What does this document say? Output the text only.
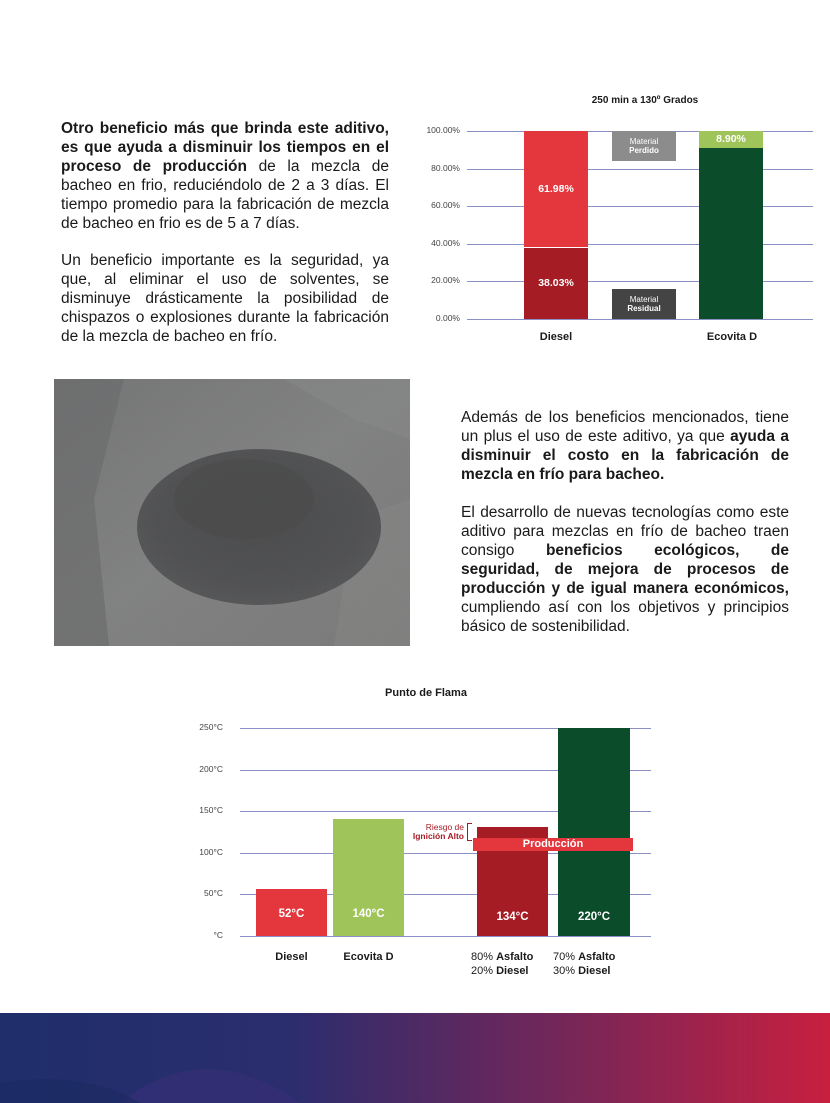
Otro beneficio más que brinda este aditivo, es que ayuda a disminuir los tiempos en el proceso de producción de la mezcla de bacheo en frio, reduciéndolo de 2 a 3 días. El tiempo promedio para la fabricación de mezcla de bacheo en frio es de 5 a 7 días.

Un beneficio importante es la seguridad, ya que, al eliminar el uso de solventes, se disminuye drásticamente la posibilidad de chispazos o explosiones durante la fabricación de la mezcla de bacheo en frío.

Además de los beneficios mencionados, tiene un plus el uso de este aditivo, ya que ayuda a disminuir el costo en la fabricación de mezcla en frío para bacheo.

El desarrollo de nuevas tecnologías como este aditivo para mezclas en frío de bacheo traen consigo beneficios ecológicos, de seguridad, de mejora de procesos de producción y de igual manera económicos, cumpliendo así con los objetivos y principios básico de sostenibilidad.

250 min a 130º Grados
0.00%
20.00%
40.00%
60.00%
80.00%
100.00%
38.03%
61.98%
8.90%
Material
Perdido
Material
Residual
Diesel	Ecovita D
Punto de Flama
°C
50°C
100°C
150°C
200°C
250°C
52°C	140°C	134°C	220°C
Producción
Riesgo de
Ignición Alto
Diesel	Ecovita D	80% Asfalto
20% Diesel
70% Asfalto
30% Diesel
